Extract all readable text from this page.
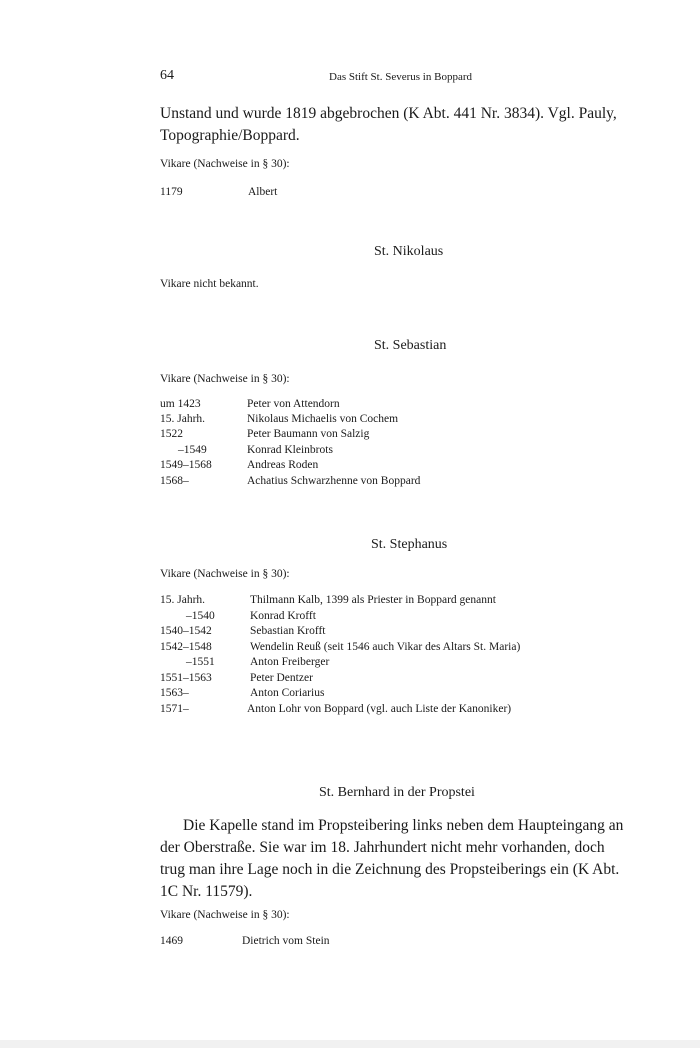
64	Das Stift St. Severus in Boppard
Unstand und wurde 1819 abgebrochen (K Abt. 441 Nr. 3834). Vgl. Pauly,
Topographie/Boppard.
Vikare (Nachweise in § 30):
1179	Albert
St. Nikolaus
Vikare nicht bekannt.
St. Sebastian
Vikare (Nachweise in § 30):
um 1423	Peter von Attendorn
15. Jahrh.	Nikolaus Michaelis von Cochem
1522	Peter Baumann von Salzig
–1549	Konrad Kleinbrots
1549–1568	Andreas Roden
1568–	Achatius Schwarzhenne von Boppard
St. Stephanus
Vikare (Nachweise in § 30):
15. Jahrh.	Thilmann Kalb, 1399 als Priester in Boppard genannt
–1540	Konrad Krofft
1540–1542	Sebastian Krofft
1542–1548	Wendelin Reuß (seit 1546 auch Vikar des Altars St. Maria)
–1551	Anton Freiberger
1551–1563	Peter Dentzer
1563–	Anton Coriarius
1571–	Anton Lohr von Boppard (vgl. auch Liste der Kanoniker)
St. Bernhard in der Propstei
Die Kapelle stand im Propsteibering links neben dem Haupteingang an
der Oberstraße. Sie war im 18. Jahrhundert nicht mehr vorhanden, doch
trug man ihre Lage noch in die Zeichnung des Propsteiberings ein (K Abt.
1C Nr. 11579).
Vikare (Nachweise in § 30):
1469	Dietrich vom Stein
